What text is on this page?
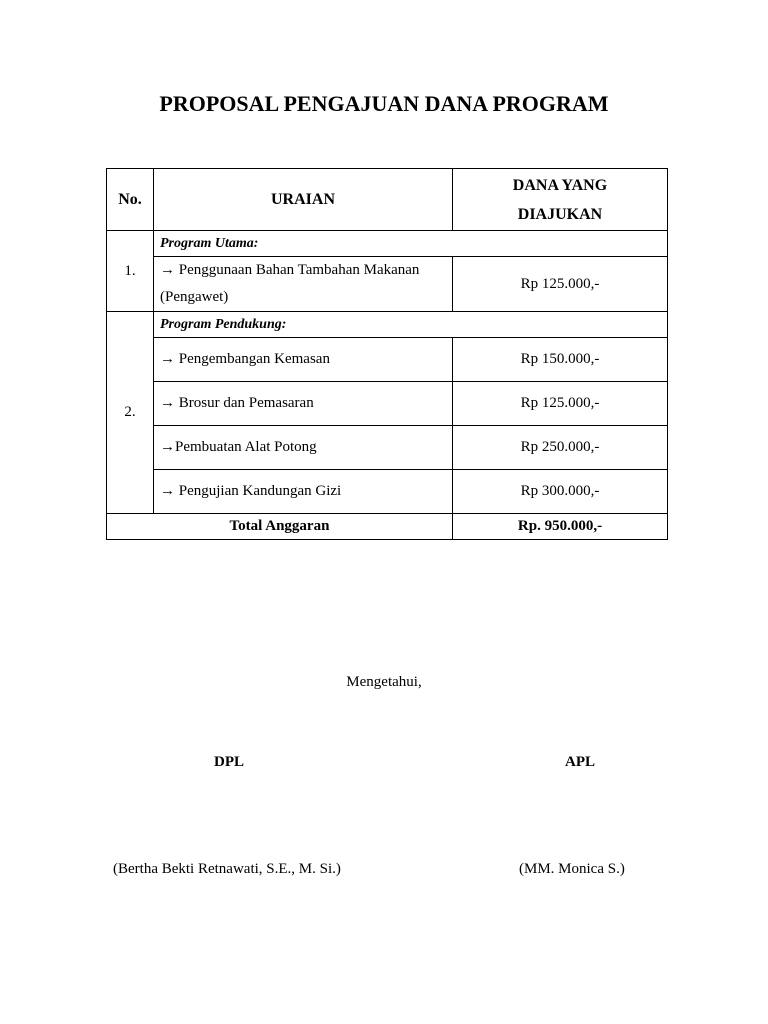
PROPOSAL PENGAJUAN DANA PROGRAM
No.	URAIAN	DANA YANG
DIAJUKAN

1.	Program Utama:	
	→ Penggunaan Bahan Tambahan Makanan (Pengawet)	Rp 125.000,-
2.	Program Pendukung:	
	→ Pengembangan Kemasan	Rp 150.000,-
	→ Brosur dan Pemasaran	Rp 125.000,-
	→Pembuatan Alat Potong	Rp 250.000,-
	→ Pengujian Kandungan Gizi	Rp 300.000,-
Total Anggaran		Rp. 950.000,-
Mengetahui,
DPL	APL
(Bertha Bekti Retnawati, S.E., M. Si.)	(MM. Monica S.)
